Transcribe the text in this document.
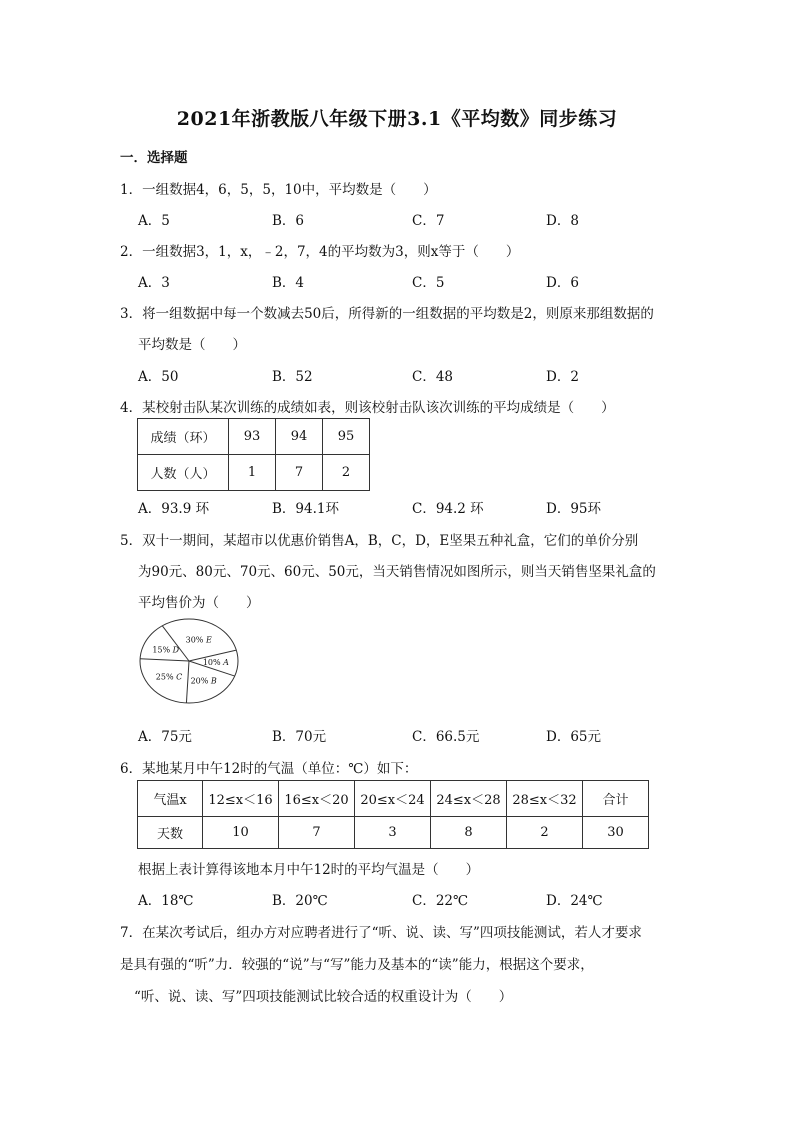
2021年浙教版八年级下册3.1《平均数》同步练习
一．选择题
1．一组数据4，6，5，5，10中，平均数是（　　）
A．5	B．6	C．7	D．8
2．一组数据3，1，x，﹣2，7，4的平均数为3，则x等于（　　）
A．3	B．4	C．5	D．6
3．将一组数据中每一个数减去50后，所得新的一组数据的平均数是2，则原来那组数据的
平均数是（　　）
A．50	B．52	C．48	D．2
4．某校射击队某次训练的成绩如表，则该校射击队该次训练的平均成绩是（　　）
成绩（环）	93	94	95
人数（人）	1	7	2
A．93.9 环	B．94.1环	C．94.2 环	D．95环
5．双十一期间，某超市以优惠价销售A，B，C，D，E坚果五种礼盒，它们的单价分别
为90元、80元、70元、60元、50元，当天销售情况如图所示，则当天销售坚果礼盒的
平均售价为（　　）
10% A
20% B
25% C
15% D
30% E
A．75元	B．70元	C．66.5元	D．65元
6．某地某月中午12时的气温（单位：℃）如下：
气温x	12≤x＜16	16≤x＜20	20≤x＜24	24≤x＜28	28≤x＜32	合计
天数	10	7	3	8	2	30
根据上表计算得该地本月中午12时的平均气温是（　　）
A．18℃	B．20℃	C．22℃	D．24℃
7．在某次考试后，组办方对应聘者进行了“听、说、读、写”四项技能测试，若人才要求
是具有强的“听”力．较强的“说”与“写”能力及基本的“读”能力，根据这个要求，
“听、说、读、写”四项技能测试比较合适的权重设计为（　　）
